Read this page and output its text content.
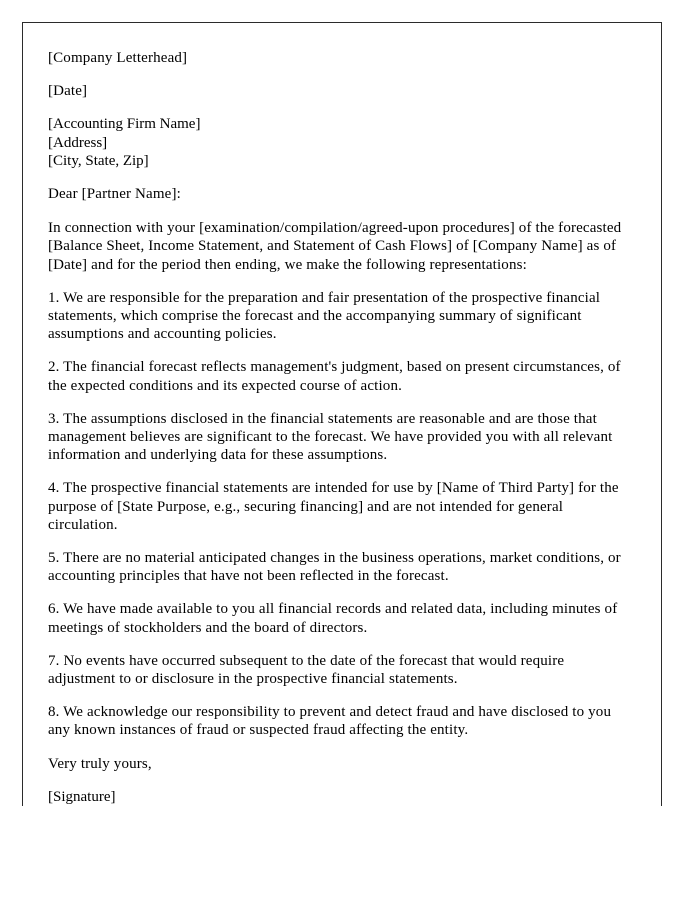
[Company Letterhead]

[Date]

[Accounting Firm Name]

[Address]

[City, State, Zip]

Dear [Partner Name]:

In connection with your [examination/compilation/agreed-upon procedures] of the forecasted [Balance Sheet, Income Statement, and Statement of Cash Flows] of [Company Name] as of [Date] and for the period then ending, we make the following representations:

1. We are responsible for the preparation and fair presentation of the prospective financial statements, which comprise the forecast and the accompanying summary of significant assumptions and accounting policies.

2. The financial forecast reflects management's judgment, based on present circumstances, of the expected conditions and its expected course of action.

3. The assumptions disclosed in the financial statements are reasonable and are those that management believes are significant to the forecast. We have provided you with all relevant information and underlying data for these assumptions.

4. The prospective financial statements are intended for use by [Name of Third Party] for the purpose of [State Purpose, e.g., securing financing] and are not intended for general circulation.

5. There are no material anticipated changes in the business operations, market conditions, or accounting principles that have not been reflected in the forecast.

6. We have made available to you all financial records and related data, including minutes of meetings of stockholders and the board of directors.

7. No events have occurred subsequent to the date of the forecast that would require adjustment to or disclosure in the prospective financial statements.

8. We acknowledge our responsibility to prevent and detect fraud and have disclosed to you any known instances of fraud or suspected fraud affecting the entity.

Very truly yours,

[Signature]
